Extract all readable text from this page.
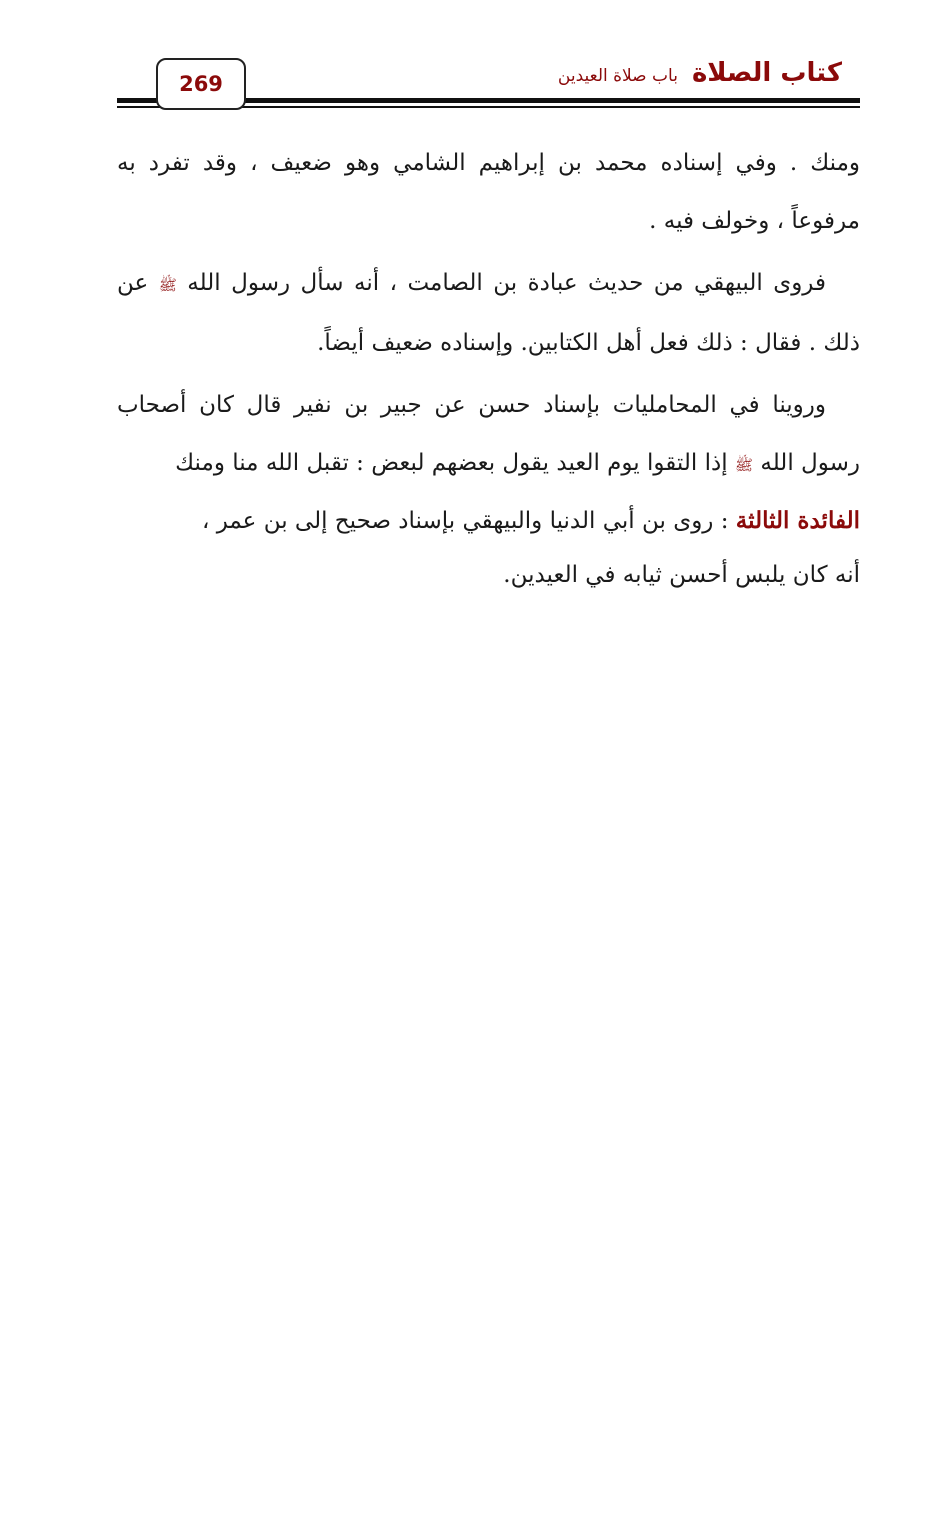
269	كتاب الصلاة
باب صلاة العيدين

ومنك . وفي إسناده محمد بن إبراهيم الشامي وهو ضعيف ، وقد تفرد به مرفوعاً ، وخولف فيه .

فروى البيهقي من حديث عبادة بن الصامت ، أنه سأل رسول الله ﷺ عن ذلك . فقال : ذلك فعل أهل الكتابين. وإسناده ضعيف أيضاً.

وروينا في المحامليات بإسناد حسن عن جبير بن نفير قال كان أصحاب رسول الله ﷺ إذا التقوا يوم العيد يقول بعضهم لبعض : تقبل الله منا ومنك

الفائدة الثالثة : روى بن أبي الدنيا والبيهقي بإسناد صحيح إلى بن عمر ، أنه كان يلبس أحسن ثيابه في العيدين.
